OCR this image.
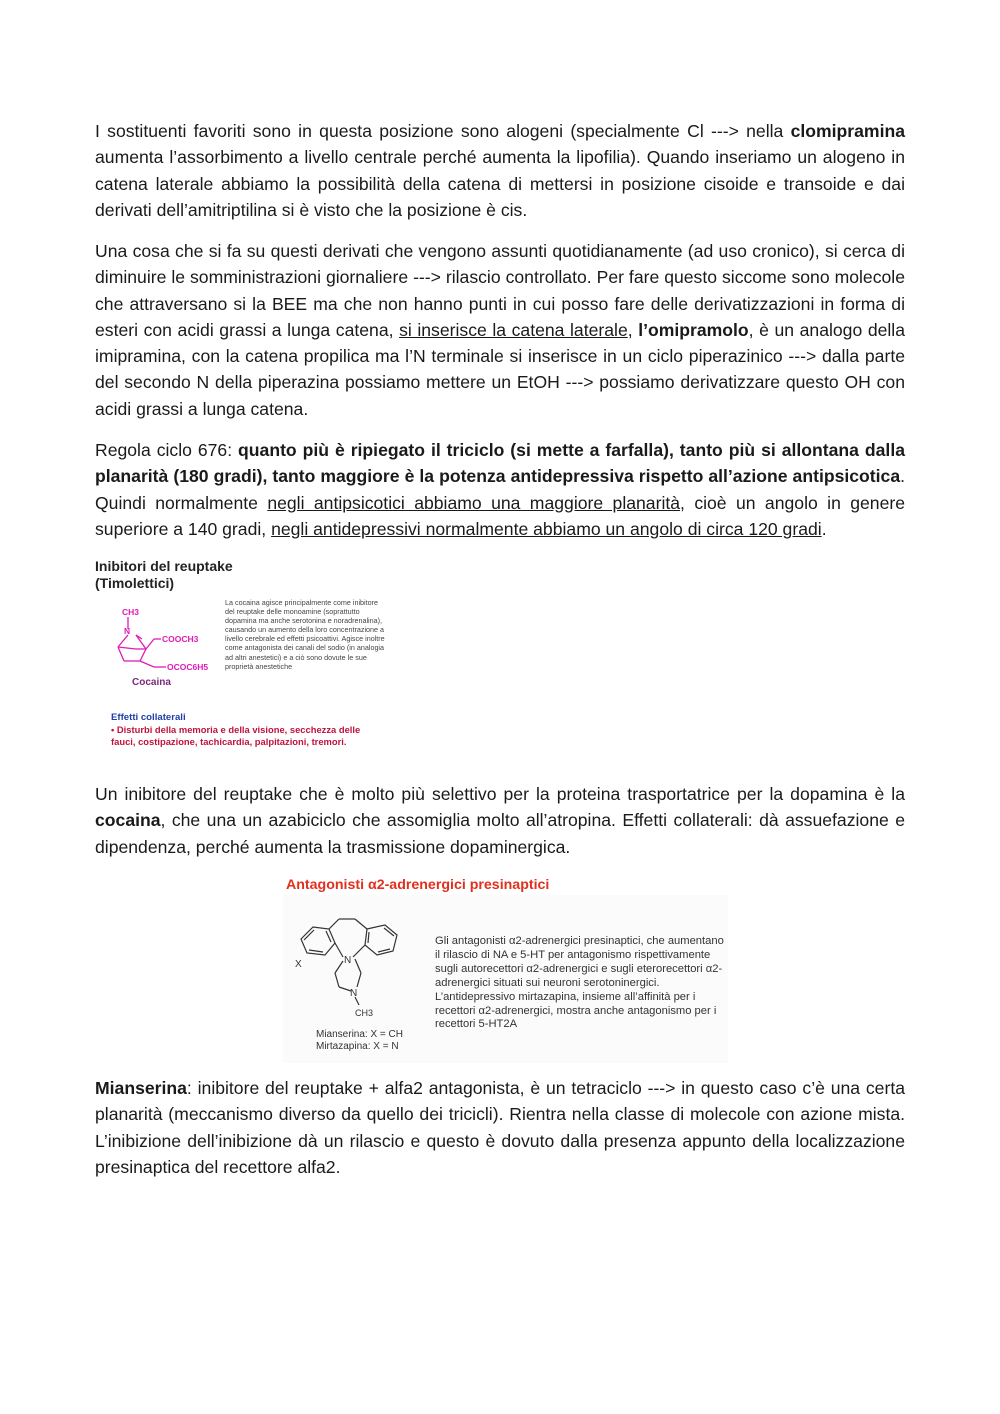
I sostituenti favoriti sono in questa posizione sono alogeni (specialmente Cl ---> nella clomipramina aumenta l’assorbimento a livello centrale perché aumenta la lipofilia). Quando inseriamo un alogeno in catena laterale abbiamo la possibilità della catena di mettersi in posizione cisoide e transoide e dai derivati dell’amitriptilina si è visto che la posizione è cis.
Una cosa che si fa su questi derivati che vengono assunti quotidianamente (ad uso cronico), si cerca di diminuire le somministrazioni giornaliere ---> rilascio controllato. Per fare questo siccome sono molecole che attraversano si la BEE ma che non hanno punti in cui posso fare delle derivatizzazioni in forma di esteri con acidi grassi a lunga catena, si inserisce la catena laterale, l’omipramolo, è un analogo della imipramina, con la catena propilica ma l’N terminale si inserisce in un ciclo piperazinico ---> dalla parte del secondo N della piperazina possiamo mettere un EtOH ---> possiamo derivatizzare questo OH con acidi grassi a lunga catena.
Regola ciclo 676: quanto più è ripiegato il triciclo (si mette a farfalla), tanto più si allontana dalla planarità (180 gradi), tanto maggiore è la potenza antidepressiva rispetto all’azione antipsicotica. Quindi normalmente negli antipsicotici abbiamo una maggiore planarità, cioè un angolo in genere superiore a 140 gradi, negli antidepressivi normalmente abbiamo un angolo di circa 120 gradi.
Inibitori del reuptake
(Timolettici)
CH3
N
COOCH3
OCOC6H5
Cocaina
La cocaina agisce principalmente come inibitore del reuptake delle monoamine (soprattutto dopamina ma anche serotonina e noradrenalina), causando un aumento della loro concentrazione a livello cerebrale ed effetti psicoattivi. Agisce inoltre come antagonista dei canali del sodio (in analogia ad altri anestetici) e a ciò sono dovute le sue proprietà anestetiche
Effetti collaterali
• Disturbi della memoria e della visione, secchezza delle fauci, costipazione, tachicardia, palpitazioni, tremori.
Un inibitore del reuptake che è molto più selettivo per la proteina trasportatrice per la dopamina è la cocaina, che una un azabiciclo che assomiglia molto all’atropina. Effetti collaterali: dà assuefazione e dipendenza, perché aumenta la trasmissione dopaminergica.
Antagonisti α2-adrenergici presinaptici
X	N
N
CH3
Mianserina: X = CH
Mirtazapina: X = N
Gli antagonisti α2-adrenergici presinaptici, che aumentano il rilascio di NA e 5-HT per antagonismo rispettivamente sugli autorecettori α2-adrenergici e sugli eterorecettori α2-adrenergici situati sui neuroni serotoninergici. L’antidepressivo mirtazapina, insieme all’affinità per i recettori α2-adrenergici, mostra anche antagonismo per i recettori 5-HT2A
Mianserina: inibitore del reuptake + alfa2 antagonista, è un tetraciclo ---> in questo caso c’è una certa planarità (meccanismo diverso da quello dei tricicli). Rientra nella classe di molecole con azione mista. L’inibizione dell’inibizione dà un rilascio e questo è dovuto dalla presenza appunto della localizzazione presinaptica del recettore alfa2.
